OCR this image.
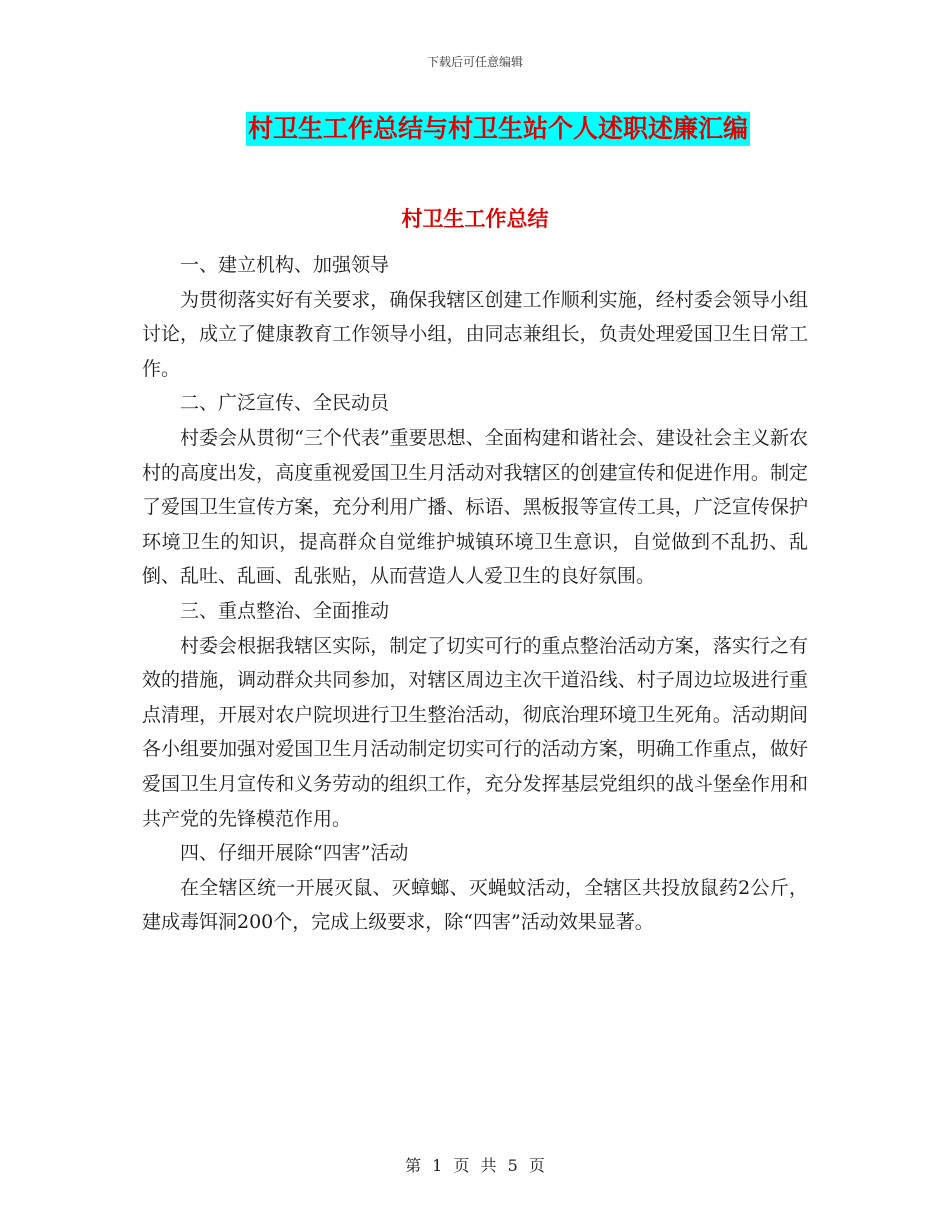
下载后可任意编辑
村卫生工作总结与村卫生站个人述职述廉汇编
村卫生工作总结

一、建立机构、加强领导

为贯彻落实好有关要求，确保我辖区创建工作顺利实施，经村委会领导小组讨论，成立了健康教育工作领导小组，由同志兼组长，负责处理爱国卫生日常工作。

二、广泛宣传、全民动员

村委会从贯彻“三个代表”重要思想、全面构建和谐社会、建设社会主义新农村的高度出发，高度重视爱国卫生月活动对我辖区的创建宣传和促进作用。制定了爱国卫生宣传方案，充分利用广播、标语、黑板报等宣传工具，广泛宣传保护环境卫生的知识，提高群众自觉维护城镇环境卫生意识，自觉做到不乱扔、乱倒、乱吐、乱画、乱张贴，从而营造人人爱卫生的良好氛围。

三、重点整治、全面推动

村委会根据我辖区实际，制定了切实可行的重点整治活动方案，落实行之有效的措施，调动群众共同参加，对辖区周边主次干道沿线、村子周边垃圾进行重点清理，开展对农户院坝进行卫生整治活动，彻底治理环境卫生死角。活动期间各小组要加强对爱国卫生月活动制定切实可行的活动方案，明确工作重点，做好爱国卫生月宣传和义务劳动的组织工作，充分发挥基层党组织的战斗堡垒作用和共产党的先锋模范作用。

四、仔细开展除“四害”活动

在全辖区统一开展灭鼠、灭蟑螂、灭蝇蚊活动，全辖区共投放鼠药2公斤，建成毒饵洞200个，完成上级要求，除“四害”活动效果显著。

第 1 页 共 5 页
